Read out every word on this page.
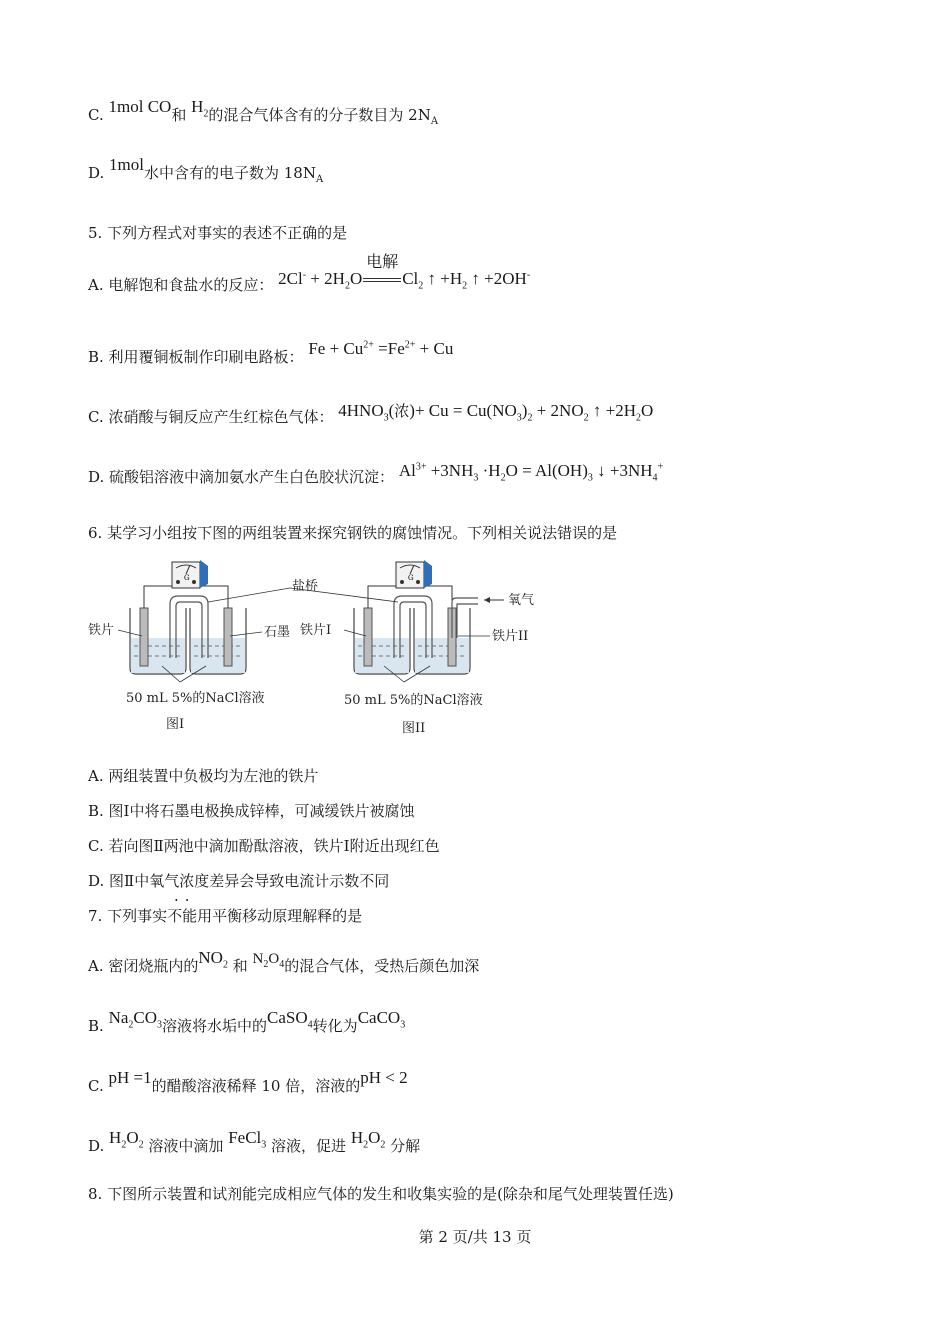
C. 1mol CO和 $H_2$的混合气体含有的分子数目为 $2N_A$
D. 1mol水中含有的电子数为 $18N_A$
5. 下列方程式对事实的表述不正确的是
A. 电解饱和食盐水的反应： $2Cl^- + 2H_2O$
电解
$Cl_2$ ↑ $+H_2$ ↑ +2OH-
B. 利用覆铜板制作印刷电路板： $Fe + Cu^{2+} =Fe^{2+} + Cu$
C. 浓硝酸与铜反应产生红棕色气体： $4HNO_3$(浓)+ $Cu = Cu(NO_3)_2 + 2NO_2$ ↑ $+2H_2O$
D. 硫酸铝溶液中滴加氨水产生白色胶状沉淀： $Al^{3+} +3NH_3 \cdot H_2O = Al(OH)_3$ ↓ $+3NH_4^+$
6. 某学习小组按下图的两组装置来探究钢铁的腐蚀情况。下列相关说法错误的是
G	G
盐桥
氧气
铁片	石墨 铁片I	铁片II
50 mL 5%的NaCl溶液	50 mL 5%的NaCl溶液
图I	图II
A. 两组装置中负极均为左池的铁片
B. 图Ⅰ中将石墨电极换成锌棒，可减缓铁片被腐蚀
C. 若向图Ⅱ两池中滴加酚酞溶液，铁片Ⅰ附近出现红色
D. 图Ⅱ中氧气浓度差异会导致电流计示数不同
··
7. 下列事实不能用平衡移动原理解释的是
A. 密闭烧瓶内的$NO_2$ 和 $N_2O_4$的混合气体，受热后颜色加深
B. $Na_2CO_3$溶液将水垢中的CaSO$_4$转化为CaCO$_3$
C. pH =1的醋酸溶液稀释 10 倍，溶液的pH < 2
D. $H_2O_2$ 溶液中滴加 FeCl$_3$ 溶液，促进 $H_2O_2$ 分解
8. 下图所示装置和试剂能完成相应气体的发生和收集实验的是(除杂和尾气处理装置任选)
第 2 页/共 13 页
